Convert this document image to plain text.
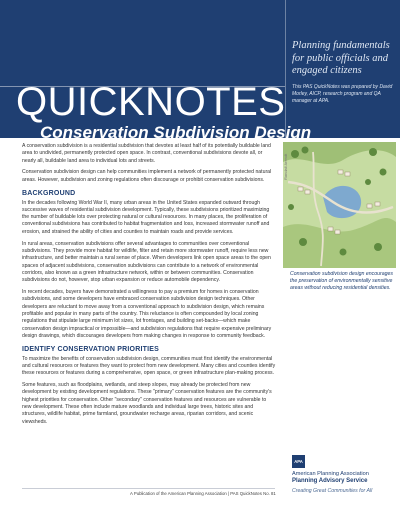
QUICKNOTES
Planning fundamentals for public officials and engaged citizens
This PAS QuickNotes was prepared by David Morley, AICP, research program and QA manager at APA.
Conservation Subdivision Design

A conservation subdivision is a residential subdivision that devotes at least half of its potentially buildable land area to undivided, permanently protected open space. In contrast, conventional subdivisions devote all, or nearly all, buildable land area to individual lots and streets.

Conservation subdivision design can help communities implement a network of permanently protected natural areas. However, subdivision and zoning regulations often discourage or prohibit conservation subdivisions.

BACKGROUND

In the decades following World War II, many urban areas in the United States expanded outward through successive waves of residential subdivision development. Typically, these subdivisions prioritized maximizing the number of buildable lots over protecting natural or cultural resources. In many places, the proliferation of conventional subdivisions has contributed to habitat fragmentation and loss, increased stormwater runoff and erosion, and strained the ability of cities and counties to maintain roads and provide services.

In rural areas, conservation subdivisions offer several advantages to communities over conventional subdivisions. They provide more habitat for wildlife, filter and retain more stormwater runoff, require less new infrastructure, and better maintain a rural sense of place. When developers link open space areas to the open spaces of adjacent subdivisions, conservation subdivisions can contribute to a network of environmental corridors, also known as a green infrastructure network, within or between communities. Conservation subdivisions do not, however, stop urban expansion or reduce automobile dependency.

In recent decades, buyers have demonstrated a willingness to pay a premium for homes in conservation subdivisions, and some developers have embraced conservation subdivision design techniques. Other developers are reluctant to move away from a conventional approach to subdivision design, which remains profitable and popular in many parts of the country. This reluctance is often compounded by local zoning regulations that stipulate large minimum lot sizes, lot frontages, and building set-backs—which make conservation design impractical or impossible—and subdivision regulations that require expensive preliminary design drawings, which discourages developers from making changes in response to community feedback.

IDENTIFY CONSERVATION PRIORITIES

To maximize the benefits of conservation subdivision design, communities must first identify the environmental and cultural resources or features they want to protect from new development. Many cities and counties identify these resources or features during a comprehensive, open space, or green infrastructure plan-making process.

Some features, such as floodplains, wetlands, and steep slopes, may already be protected from new development by existing development regulations. These "primary" conservation features are the community's highest priorities for conservation. Other "secondary" conservation features and resources are vulnerable to new development. These often include mature woodlands and individual large trees, historic sites and structures, wildlife habitat, prime farmland, groundwater recharge areas, riparian corridors, and scenic viewsheds.

Randall Arendt
Conservation subdivision design encourages the preservation of environmentally sensitive areas without reducing residential densities.
APA
American Planning Association
Planning Advisory Service
Creating Great Communities for All
A Publication of the American Planning Association | PAS QuickNotes No. 81
